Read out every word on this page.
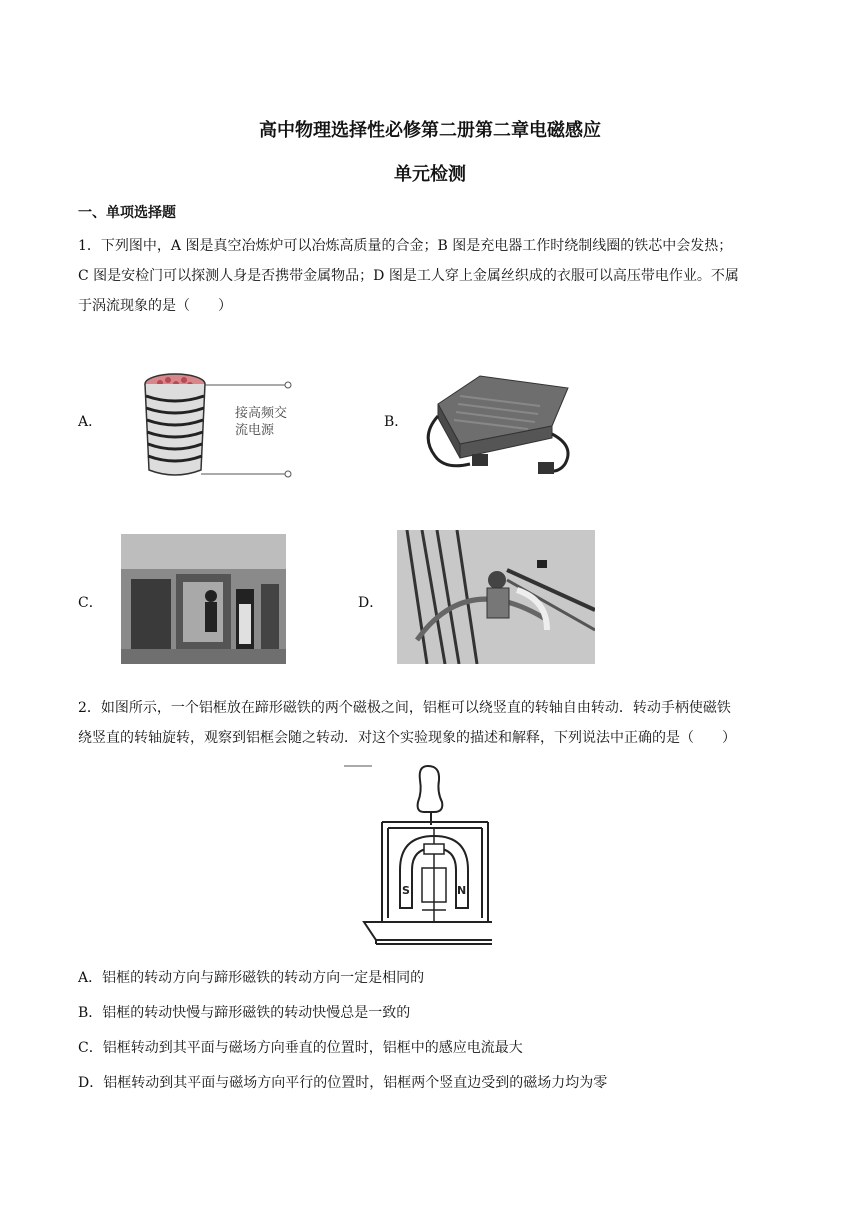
高中物理选择性必修第二册第二章电磁感应
单元检测
一、单项选择题
1．下列图中，A 图是真空冶炼炉可以冶炼高质量的合金；B 图是充电器工作时绕制线圈的铁芯中会发热；
C 图是安检门可以探测人身是否携带金属物品；D 图是工人穿上金属丝织成的衣服可以高压带电作业。不属
于涡流现象的是（　　）
A．	B．
C．	D．
接高频交
流电源
2．如图所示，一个铝框放在蹄形磁铁的两个磁极之间，铝框可以绕竖直的转轴自由转动．转动手柄使磁铁
绕竖直的转轴旋转，观察到铝框会随之转动．对这个实验现象的描述和解释，下列说法中正确的是（　　）
S	N
A．铝框的转动方向与蹄形磁铁的转动方向一定是相同的
B．铝框的转动快慢与蹄形磁铁的转动快慢总是一致的
C．铝框转动到其平面与磁场方向垂直的位置时，铝框中的感应电流最大
D．铝框转动到其平面与磁场方向平行的位置时，铝框两个竖直边受到的磁场力均为零
